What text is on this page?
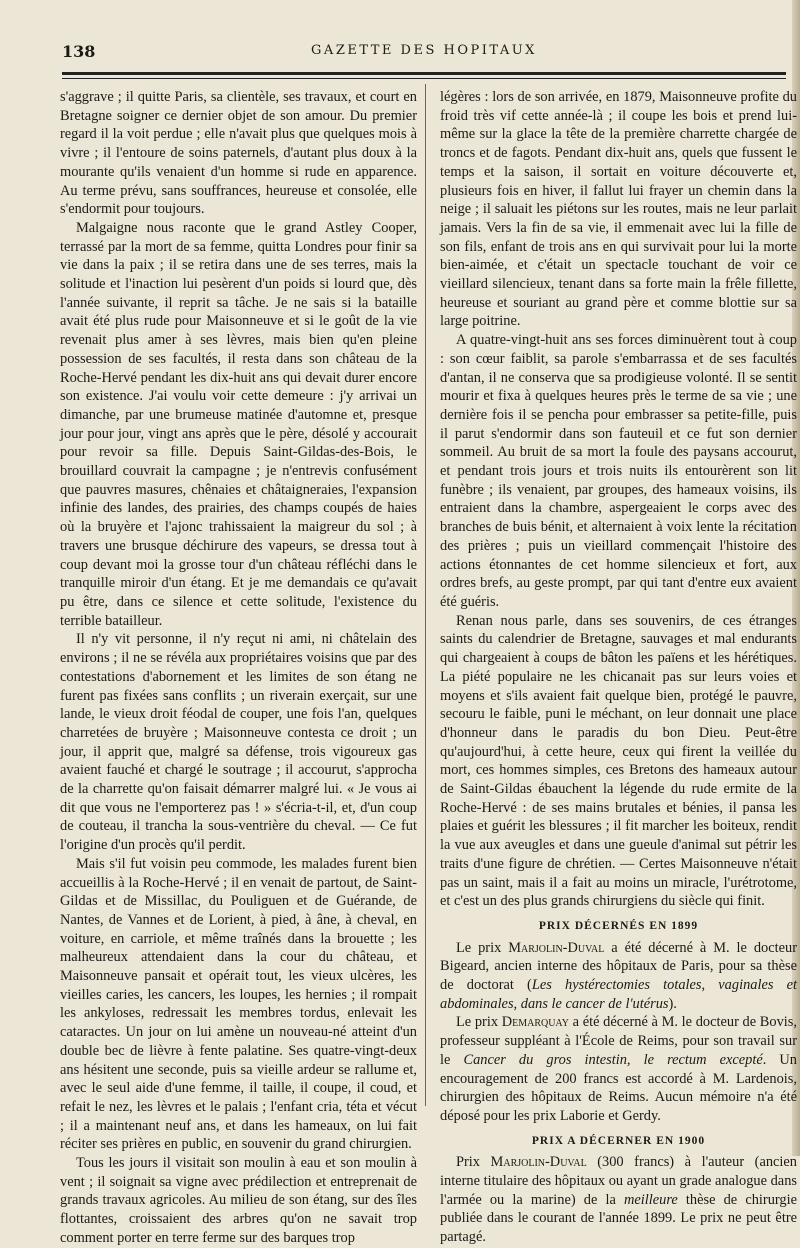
138	GAZETTE DES HOPITAUX

s'aggrave ; il quitte Paris, sa clientèle, ses travaux, et court en Bretagne soigner ce dernier objet de son amour. Du premier regard il la voit perdue ; elle n'avait plus que quelques mois à vivre ; il l'entoure de soins paternels, d'autant plus doux à la mourante qu'ils venaient d'un homme si rude en apparence. Au terme prévu, sans souffrances, heureuse et consolée, elle s'endormit pour toujours.

Malgaigne nous raconte que le grand Astley Cooper, terrassé par la mort de sa femme, quitta Londres pour finir sa vie dans la paix ; il se retira dans une de ses terres, mais la solitude et l'inaction lui pesèrent d'un poids si lourd que, dès l'année suivante, il reprit sa tâche. Je ne sais si la bataille avait été plus rude pour Maisonneuve et si le goût de la vie revenait plus amer à ses lèvres, mais bien qu'en pleine possession de ses facultés, il resta dans son château de la Roche-Hervé pendant les dix-huit ans qui devait durer encore son existence. J'ai voulu voir cette demeure : j'y arrivai un dimanche, par une brumeuse matinée d'automne et, presque jour pour jour, vingt ans après que le père, désolé y accourait pour revoir sa fille. Depuis Saint-Gildas-des-Bois, le brouillard couvrait la campagne ; je n'entrevis confusément que pauvres masures, chênaies et châtaigneraies, l'expansion infinie des landes, des prairies, des champs coupés de haies où la bruyère et l'ajonc trahissaient la maigreur du sol ; à travers une brusque déchirure des vapeurs, se dressa tout à coup devant moi la grosse tour d'un château réfléchi dans le tranquille miroir d'un étang. Et je me demandais ce qu'avait pu être, dans ce silence et cette solitude, l'existence du terrible batailleur.

Il n'y vit personne, il n'y reçut ni ami, ni châtelain des environs ; il ne se révéla aux propriétaires voisins que par des contestations d'abornement et les limites de son étang ne furent pas fixées sans conflits ; un riverain exerçait, sur une lande, le vieux droit féodal de couper, une fois l'an, quelques charretées de bruyère ; Maisonneuve contesta ce droit ; un jour, il apprit que, malgré sa défense, trois vigoureux gas avaient fauché et chargé le soutrage ; il accourut, s'approcha de la charrette qu'on faisait démarrer malgré lui. « Je vous ai dit que vous ne l'emporterez pas ! » s'écria-t-il, et, d'un coup de couteau, il trancha la sous-ventrière du cheval. — Ce fut l'origine d'un procès qu'il perdit.

Mais s'il fut voisin peu commode, les malades furent bien accueillis à la Roche-Hervé ; il en venait de partout, de Saint-Gildas et de Missillac, du Pouliguen et de Guérande, de Nantes, de Vannes et de Lorient, à pied, à âne, à cheval, en voiture, en carriole, et même traînés dans la brouette ; les malheureux attendaient dans la cour du château, et Maisonneuve pansait et opérait tout, les vieux ulcères, les vieilles caries, les cancers, les loupes, les hernies ; il rompait les ankyloses, redressait les membres tordus, enlevait les cataractes. Un jour on lui amène un nouveau-né atteint d'un double bec de lièvre à fente palatine. Ses quatre-vingt-deux ans hésitent une seconde, puis sa vieille ardeur se rallume et, avec le seul aide d'une femme, il taille, il coupe, il coud, et refait le nez, les lèvres et le palais ; l'enfant cria, téta et vécut ; il a maintenant neuf ans, et dans les hameaux, on lui fait réciter ses prières en public, en souvenir du grand chirurgien.

Tous les jours il visitait son moulin à eau et son moulin à vent ; il soignait sa vigne avec prédilection et entreprenait de grands travaux agricoles. Au milieu de son étang, sur des îles flottantes, croissaient des arbres qu'on ne savait trop comment porter en terre ferme sur des barques trop

légères : lors de son arrivée, en 1879, Maisonneuve profite du froid très vif cette année-là ; il coupe les bois et prend lui-même sur la glace la tête de la première charrette chargée de troncs et de fagots. Pendant dix-huit ans, quels que fussent le temps et la saison, il sortait en voiture découverte et, plusieurs fois en hiver, il fallut lui frayer un chemin dans la neige ; il saluait les piétons sur les routes, mais ne leur parlait jamais. Vers la fin de sa vie, il emmenait avec lui la fille de son fils, enfant de trois ans en qui survivait pour lui la morte bien-aimée, et c'était un spectacle touchant de voir ce vieillard silencieux, tenant dans sa forte main la frêle fillette, heureuse et souriant au grand père et comme blottie sur sa large poitrine.

A quatre-vingt-huit ans ses forces diminuèrent tout à coup : son cœur faiblit, sa parole s'embarrassa et de ses facultés d'antan, il ne conserva que sa prodigieuse volonté. Il se sentit mourir et fixa à quelques heures près le terme de sa vie ; une dernière fois il se pencha pour embrasser sa petite-fille, puis il parut s'endormir dans son fauteuil et ce fut son dernier sommeil. Au bruit de sa mort la foule des paysans accourut, et pendant trois jours et trois nuits ils entourèrent son lit funèbre ; ils venaient, par groupes, des hameaux voisins, ils entraient dans la chambre, aspergeaient le corps avec des branches de buis bénit, et alternaient à voix lente la récitation des prières ; puis un vieillard commençait l'histoire des actions étonnantes de cet homme silencieux et fort, aux ordres brefs, au geste prompt, par qui tant d'entre eux avaient été guéris.

Renan nous parle, dans ses souvenirs, de ces étranges saints du calendrier de Bretagne, sauvages et mal endurants qui chargeaient à coups de bâton les païens et les hérétiques. La piété populaire ne les chicanait pas sur leurs voies et moyens et s'ils avaient fait quelque bien, protégé le pauvre, secouru le faible, puni le méchant, on leur donnait une place d'honneur dans le paradis du bon Dieu. Peut-être qu'aujourd'hui, à cette heure, ceux qui firent la veillée du mort, ces hommes simples, ces Bretons des hameaux autour de Saint-Gildas ébauchent la légende du rude ermite de la Roche-Hervé : de ses mains brutales et bénies, il pansa les plaies et guérit les blessures ; il fit marcher les boiteux, rendit la vue aux aveugles et dans une gueule d'animal sut pétrir les traits d'une figure de chrétien. — Certes Maisonneuve n'était pas un saint, mais il a fait au moins un miracle, l'urétrotome, et c'est un des plus grands chirurgiens du siècle qui finit.

PRIX DÉCERNÉS EN 1899

Le prix Marjolin-Duval a été décerné à M. le docteur Bigeard, ancien interne des hôpitaux de Paris, pour sa thèse de doctorat (Les hystérectomies totales, vaginales et abdominales, dans le cancer de l'utérus).

Le prix Demarquay a été décerné à M. le docteur de Bovis, professeur suppléant à l'École de Reims, pour son travail sur le Cancer du gros intestin, le rectum excepté. Un encouragement de 200 francs est accordé à M. Lardenois, chirurgien des hôpitaux de Reims. Aucun mémoire n'a été déposé pour les prix Laborie et Gerdy.

PRIX A DÉCERNER EN 1900

Prix Marjolin-Duval (300 francs) à l'auteur (ancien interne titulaire des hôpitaux ou ayant un grade analogue dans l'armée ou la marine) de la meilleure thèse de chirurgie publiée dans le courant de l'année 1899. Le prix ne peut être partagé.
